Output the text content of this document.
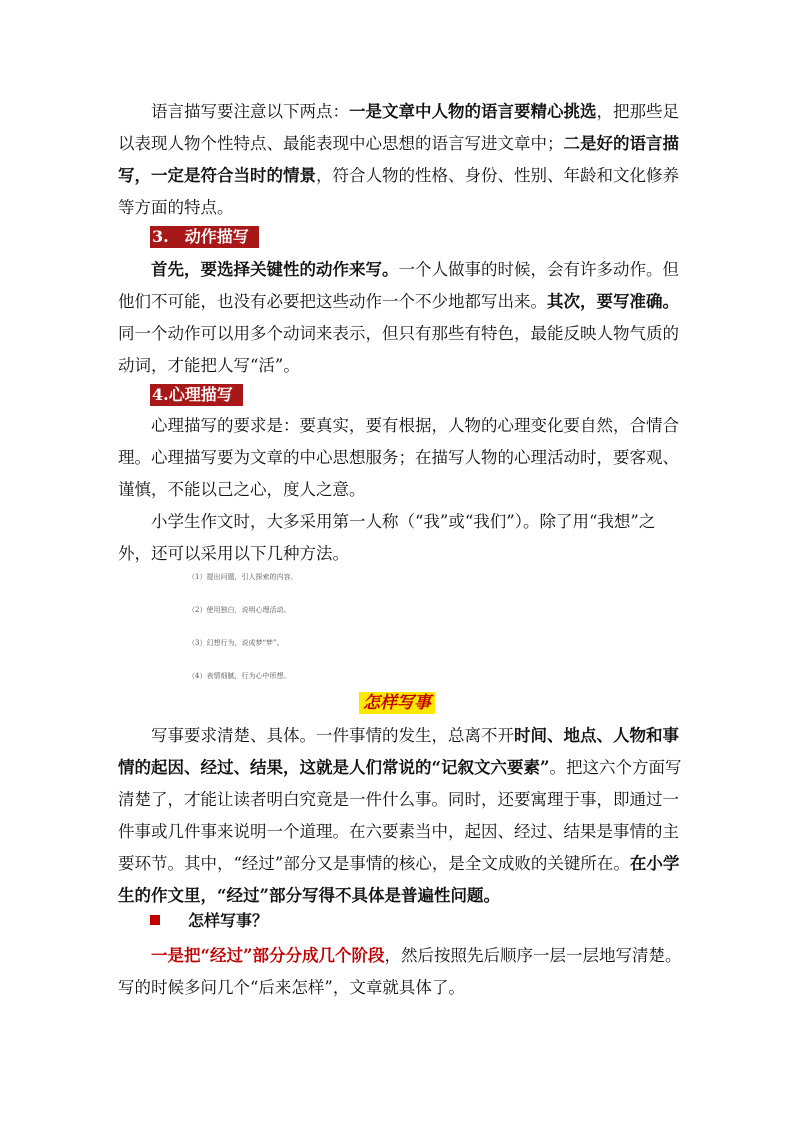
语言描写要注意以下两点：一是文章中人物的语言要精心挑选，把那些足以表现人物个性特点、最能表现中心思想的语言写进文章中；二是好的语言描写，一定是符合当时的情景，符合人物的性格、身份、性别、年龄和文化修养等方面的特点。

3.　动作描写

首先，要选择关键性的动作来写。一个人做事的时候，会有许多动作。但他们不可能，也没有必要把这些动作一个不少地都写出来。其次，要写准确。同一个动作可以用多个动词来表示，但只有那些有特色，最能反映人物气质的动词，才能把人写“活”。

4.心理描写

心理描写的要求是：要真实，要有根据，人物的心理变化要自然，合情合理。心理描写要为文章的中心思想服务；在描写人物的心理活动时，要客观、谨慎，不能以己之心，度人之意。

小学生作文时，大多采用第一人称（“我”或“我们”）。除了用“我想”之外，还可以采用以下几种方法。

（1）提出问题，引人探索的内容。
（2）使用独白，说明心理活动。
（3）幻想行为，说成梦“梦”。
（4）表情细腻，行为心中所想。
怎样写事

写事要求清楚、具体。一件事情的发生，总离不开时间、地点、人物和事情的起因、经过、结果，这就是人们常说的“记叙文六要素”。把这六个方面写清楚了，才能让读者明白究竟是一件什么事。同时，还要寓理于事，即通过一件事或几件事来说明一个道理。在六要素当中，起因、经过、结果是事情的主要环节。其中，“经过”部分又是事情的核心，是全文成败的关键所在。在小学生的作文里，“经过”部分写得不具体是普遍性问题。

怎样写事？

一是把“经过”部分分成几个阶段，然后按照先后顺序一层一层地写清楚。写的时候多问几个“后来怎样”，文章就具体了。
